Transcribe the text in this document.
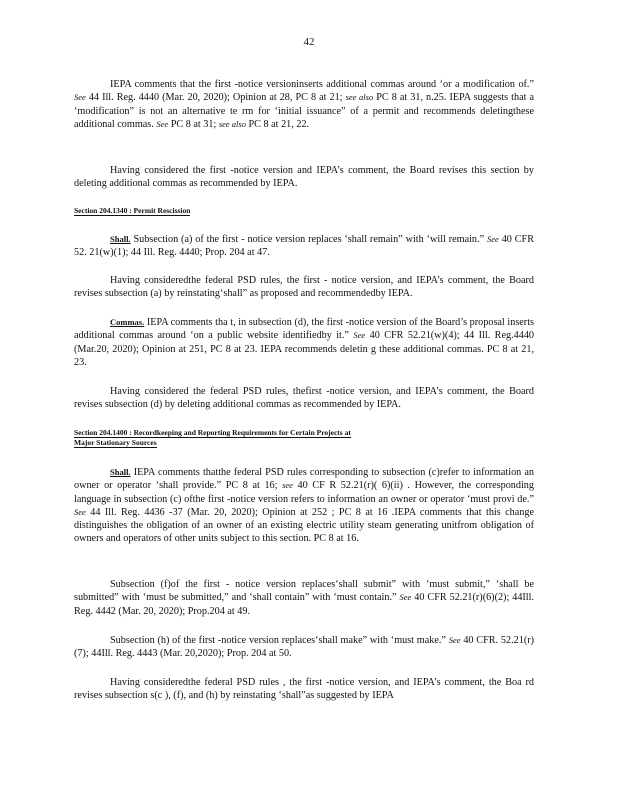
42

IEPA comments that the first -notice versioninserts additional commas around ‘or a modification of.” See 44 Ill. Reg. 4440 (Mar. 20, 2020); Opinion at 28, PC 8 at 21; see also PC 8 at 31, n.25. IEPA suggests that a ‘modification” is not an alternative te rm for ‘initial issuance” of a permit and recommends deletingthese additional commas. See PC 8 at 31; see also PC 8 at 21, 22.

Having considered the first -notice version and IEPA’s comment, the Board revises this section by deleting additional commas as recommended by IEPA.

Section 204.1340 : Permit Rescission

Shall. Subsection (a) of the first - notice version replaces ‘shall remain” with ‘will remain.” See 40 CFR 52. 21(w)(1); 44 Ill. Reg. 4440; Prop. 204 at 47.

Having consideredthe federal PSD rules, the first - notice version, and IEPA’s comment, the Board revises subsection (a) by reinstating‘shall” as proposed and recommendedby IEPA.

Commas. IEPA comments tha t, in subsection (d), the first -notice version of the Board’s proposal inserts additional commas around ‘on a public website identifiedby it.” See 40 CFR 52.21(w)(4); 44 Ill. Reg.4440 (Mar.20, 2020); Opinion at 251, PC 8 at 23. IEPA recommends deletin g these additional commas. PC 8 at 21, 23.

Having considered the federal PSD rules, thefirst -notice version, and IEPA’s comment, the Board revises subsection (d) by deleting additional commas as recommended by IEPA.

Section 204.1400 : Recordkeeping and Reporting Requirements for Certain Projects at
Major Stationary Sources

Shall. IEPA comments thatthe federal PSD rules corresponding to subsection (c)refer to information an owner or operator ‘shall provide.” PC 8 at 16; see 40 CF R 52.21(r)( 6)(ii) . However, the corresponding language in subsection (c) ofthe first -notice version refers to information an owner or operator ‘must provi de.” See 44 Ill. Reg. 4436 -37 (Mar. 20, 2020); Opinion at 252 ; PC 8 at 16 .IEPA comments that this change distinguishes the obligation of an owner of an existing electric utility steam generating unitfrom obligation of owners and operators of other units subject to this section. PC 8 at 16.

Subsection (f)of the first - notice version replaces‘shall submit” with ‘must submit,” ‘shall be submitted” with ‘must be submitted,” and ‘shall contain” with ‘must contain.” See 40 CFR 52.21(r)(6)(2); 44Ill. Reg. 4442 (Mar. 20, 2020); Prop.204 at 49.

Subsection (h) of the first -notice version replaces‘shall make” with ‘must make.” See 40 CFR. 52.21(r)(7); 44Ill. Reg. 4443 (Mar. 20,2020); Prop. 204 at 50.

Having consideredthe federal PSD rules , the first -notice version, and IEPA’s comment, the Boa rd revises subsection s(c ), (f), and (h) by reinstating ‘shall”as suggested by IEPA
